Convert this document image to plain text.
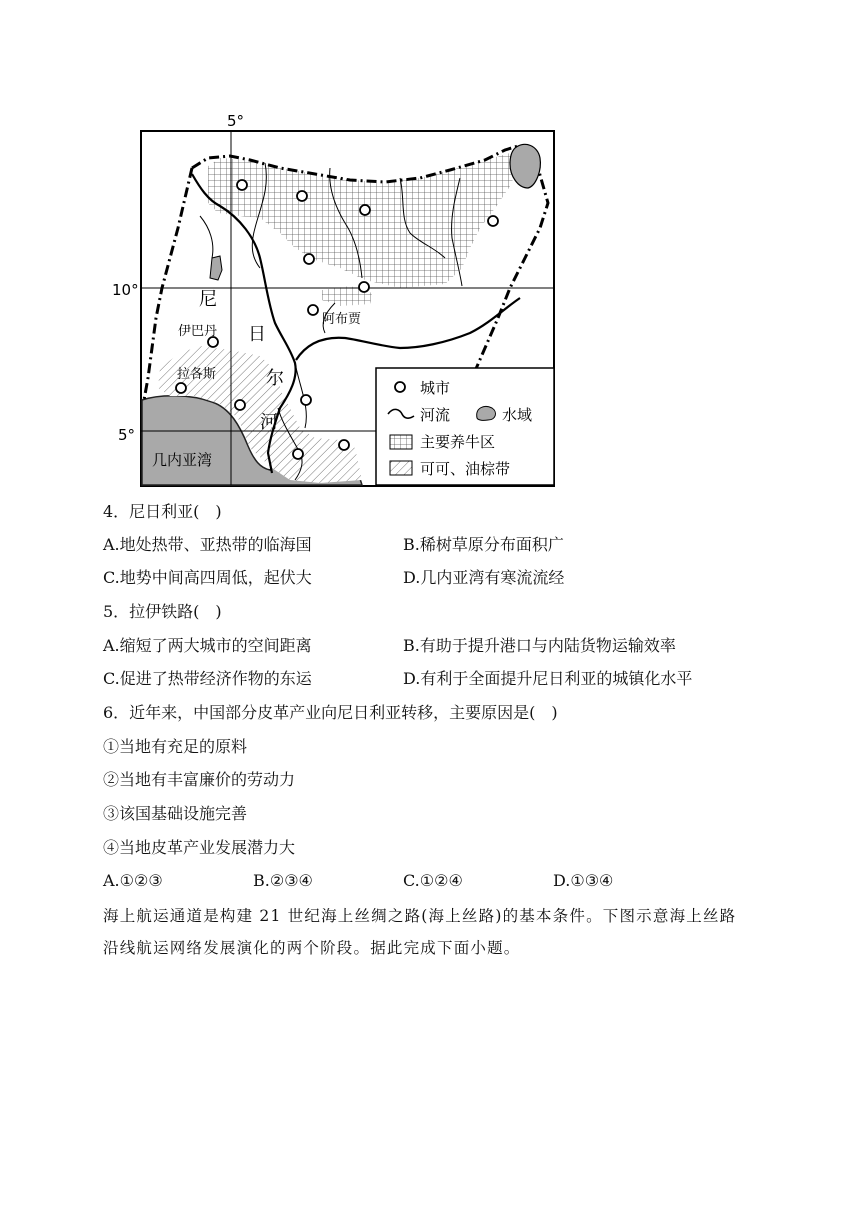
5°
10°
5°
尼
日
尔
河
伊巴丹
拉各斯
阿布贾
几内亚湾
城市
河流	水域
主要养牛区
可可、油棕带
4．尼日利亚(　)
A.地处热带、亚热带的临海国	B.稀树草原分布面积广
C.地势中间高四周低，起伏大	D.几内亚湾有寒流流经
5．拉伊铁路(　)
A.缩短了两大城市的空间距离	B.有助于提升港口与内陆货物运输效率
C.促进了热带经济作物的东运	D.有利于全面提升尼日利亚的城镇化水平
6．近年来，中国部分皮革产业向尼日利亚转移，主要原因是(　)
①当地有充足的原料
②当地有丰富廉价的劳动力
③该国基础设施完善
④当地皮革产业发展潜力大
A.①②③	B.②③④	C.①②④	D.①③④
海上航运通道是构建 21 世纪海上丝绸之路(海上丝路)的基本条件。下图示意海上丝路
沿线航运网络发展演化的两个阶段。据此完成下面小题。
